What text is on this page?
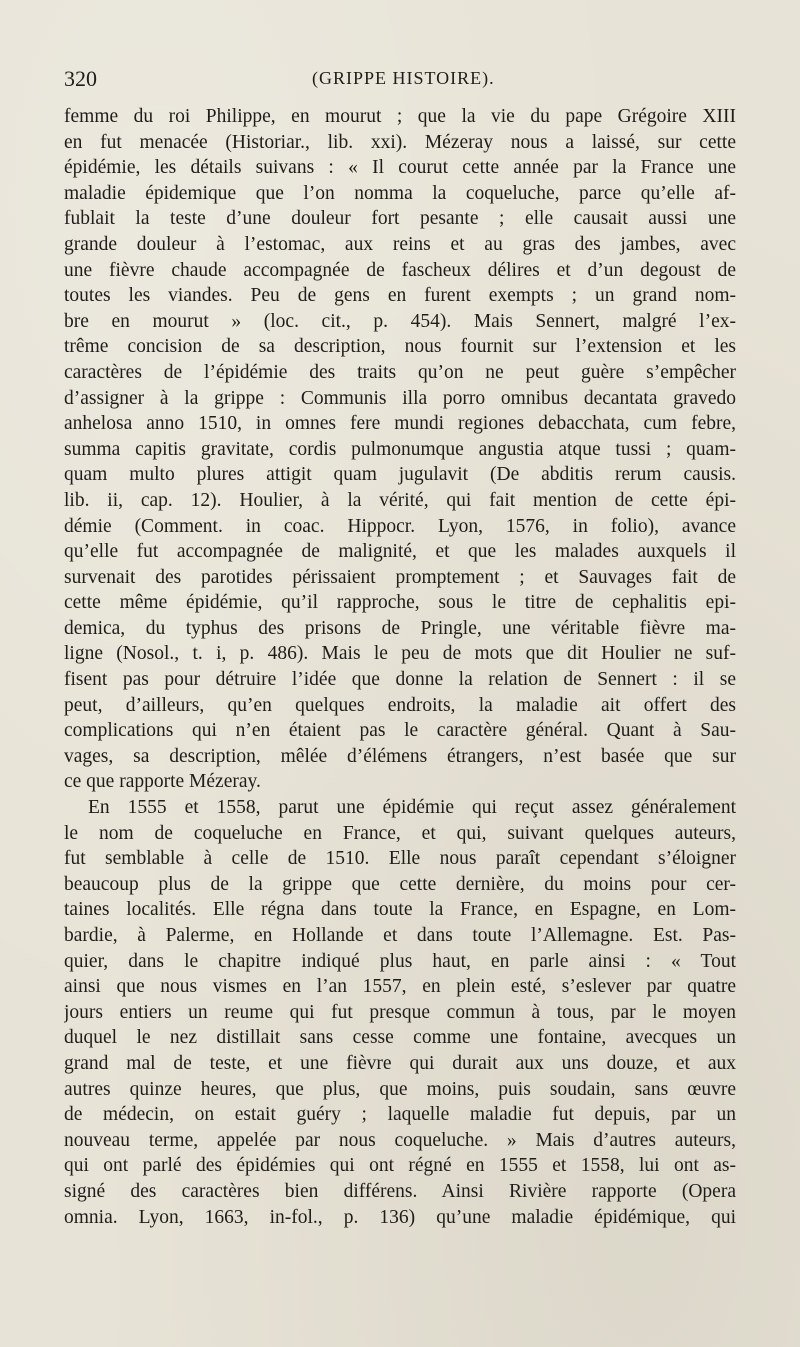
320	(GRIPPE HISTOIRE).
femme du roi Philippe, en mourut ; que la vie du pape Grégoire XIII
en fut menacée (Historiar., lib. xxi). Mézeray nous a laissé, sur cette
épidémie, les détails suivans : « Il courut cette année par la France une
maladie épidemique que l’on nomma la coqueluche, parce qu’elle af-
fublait la teste d’une douleur fort pesante ; elle causait aussi une
grande douleur à l’estomac, aux reins et au gras des jambes, avec
une fièvre chaude accompagnée de fascheux délires et d’un degoust de
toutes les viandes. Peu de gens en furent exempts ; un grand nom-
bre en mourut » (loc. cit., p. 454). Mais Sennert, malgré l’ex-
trême concision de sa description, nous fournit sur l’extension et les
caractères de l’épidémie des traits qu’on ne peut guère s’empêcher
d’assigner à la grippe : Communis illa porro omnibus decantata gravedo
anhelosa anno 1510, in omnes fere mundi regiones debacchata, cum febre,
summa capitis gravitate, cordis pulmonumque angustia atque tussi ; quam-
quam multo plures attigit quam jugulavit (De abditis rerum causis.
lib. ii, cap. 12). Houlier, à la vérité, qui fait mention de cette épi-
démie (Comment. in coac. Hippocr. Lyon, 1576, in folio), avance
qu’elle fut accompagnée de malignité, et que les malades auxquels il
survenait des parotides périssaient promptement ; et Sauvages fait de
cette même épidémie, qu’il rapproche, sous le titre de cephalitis epi-
demica, du typhus des prisons de Pringle, une véritable fièvre ma-
ligne (Nosol., t. i, p. 486). Mais le peu de mots que dit Houlier ne suf-
fisent pas pour détruire l’idée que donne la relation de Sennert : il se
peut, d’ailleurs, qu’en quelques endroits, la maladie ait offert des
complications qui n’en étaient pas le caractère général. Quant à Sau-
vages, sa description, mêlée d’élémens étrangers, n’est basée que sur
ce que rapporte Mézeray.
En 1555 et 1558, parut une épidémie qui reçut assez généralement
le nom de coqueluche en France, et qui, suivant quelques auteurs,
fut semblable à celle de 1510. Elle nous paraît cependant s’éloigner
beaucoup plus de la grippe que cette dernière, du moins pour cer-
taines localités. Elle régna dans toute la France, en Espagne, en Lom-
bardie, à Palerme, en Hollande et dans toute l’Allemagne. Est. Pas-
quier, dans le chapitre indiqué plus haut, en parle ainsi : « Tout
ainsi que nous vismes en l’an 1557, en plein esté, s’eslever par quatre
jours entiers un reume qui fut presque commun à tous, par le moyen
duquel le nez distillait sans cesse comme une fontaine, avecques un
grand mal de teste, et une fièvre qui durait aux uns douze, et aux
autres quinze heures, que plus, que moins, puis soudain, sans œuvre
de médecin, on estait guéry ; laquelle maladie fut depuis, par un
nouveau terme, appelée par nous coqueluche. » Mais d’autres auteurs,
qui ont parlé des épidémies qui ont régné en 1555 et 1558, lui ont as-
signé des caractères bien différens. Ainsi Rivière rapporte (Opera
omnia. Lyon, 1663, in-fol., p. 136) qu’une maladie épidémique, qui
